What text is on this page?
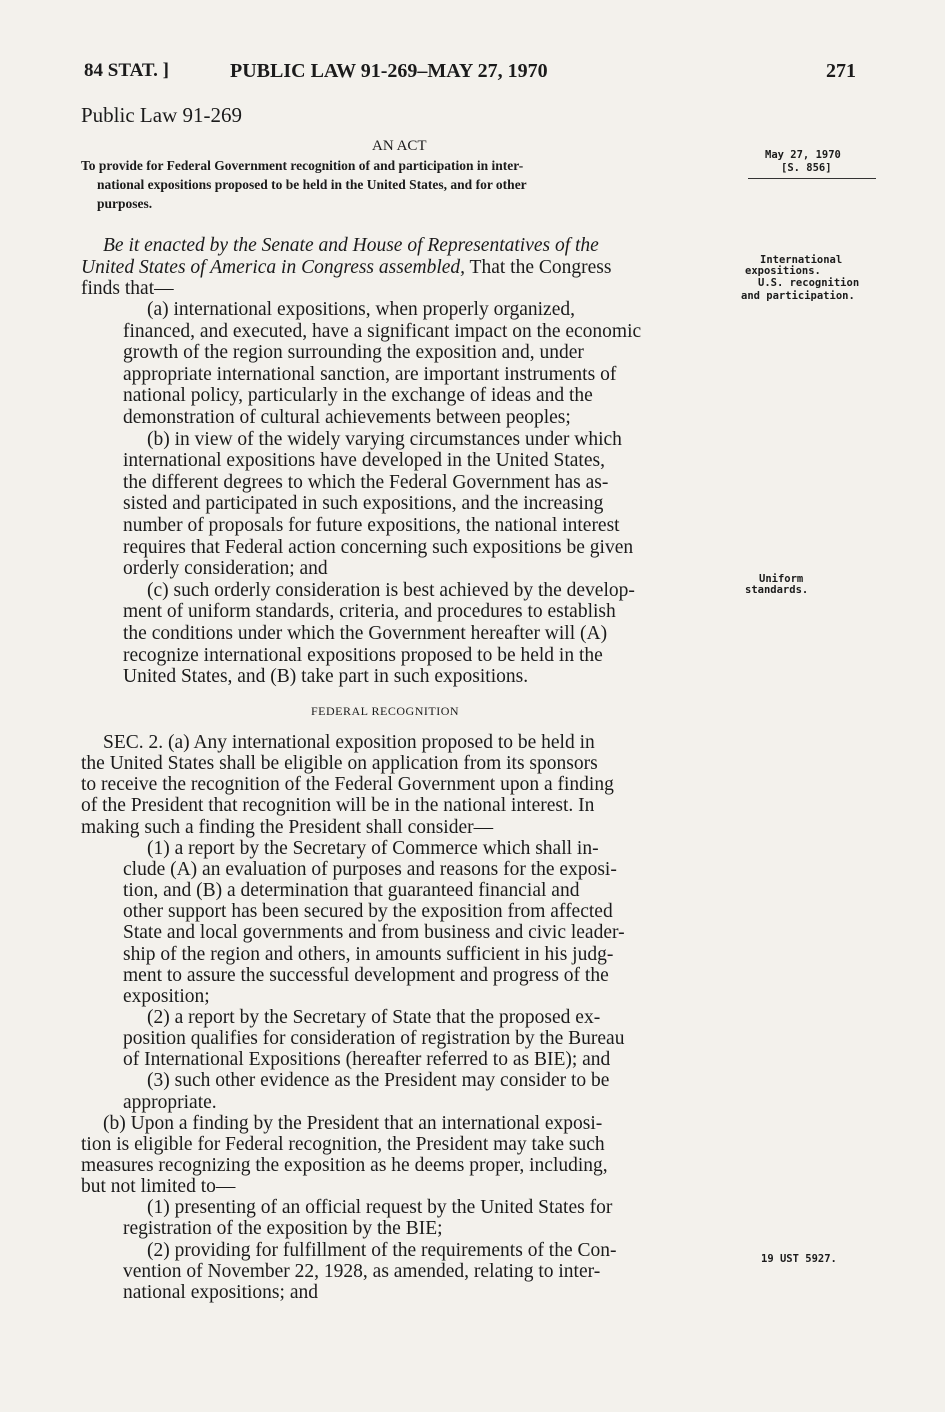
84 STAT. ]	PUBLIC LAW 91-269–MAY 27, 1970	271
May 27, 1970
[S. 856]
International
expositions.
U.S. recognition
and participation.
Uniform
standards.
19 UST 5927.
Public Law 91-269
AN ACT
To provide for Federal Government recognition of and participation in inter-
national expositions proposed to be held in the United States, and for other
purposes.
Be it enacted by the Senate and House of Representatives of the
United States of America in Congress assembled, That the Congress
finds that—
(a) international expositions, when properly organized,
financed, and executed, have a significant impact on the economic
growth of the region surrounding the exposition and, under
appropriate international sanction, are important instruments of
national policy, particularly in the exchange of ideas and the
demonstration of cultural achievements between peoples;
(b) in view of the widely varying circumstances under which
international expositions have developed in the United States,
the different degrees to which the Federal Government has as-
sisted and participated in such expositions, and the increasing
number of proposals for future expositions, the national interest
requires that Federal action concerning such expositions be given
orderly consideration; and
(c) such orderly consideration is best achieved by the develop-
ment of uniform standards, criteria, and procedures to establish
the conditions under which the Government hereafter will (A)
recognize international expositions proposed to be held in the
United States, and (B) take part in such expositions.
FEDERAL RECOGNITION
SEC. 2. (a) Any international exposition proposed to be held in
the United States shall be eligible on application from its sponsors
to receive the recognition of the Federal Government upon a finding
of the President that recognition will be in the national interest. In
making such a finding the President shall consider—
(1) a report by the Secretary of Commerce which shall in-
clude (A) an evaluation of purposes and reasons for the exposi-
tion, and (B) a determination that guaranteed financial and
other support has been secured by the exposition from affected
State and local governments and from business and civic leader-
ship of the region and others, in amounts sufficient in his judg-
ment to assure the successful development and progress of the
exposition;
(2) a report by the Secretary of State that the proposed ex-
position qualifies for consideration of registration by the Bureau
of International Expositions (hereafter referred to as BIE); and
(3) such other evidence as the President may consider to be
appropriate.
(b) Upon a finding by the President that an international exposi-
tion is eligible for Federal recognition, the President may take such
measures recognizing the exposition as he deems proper, including,
but not limited to—
(1) presenting of an official request by the United States for
registration of the exposition by the BIE;
(2) providing for fulfillment of the requirements of the Con-
vention of November 22, 1928, as amended, relating to inter-
national expositions; and
